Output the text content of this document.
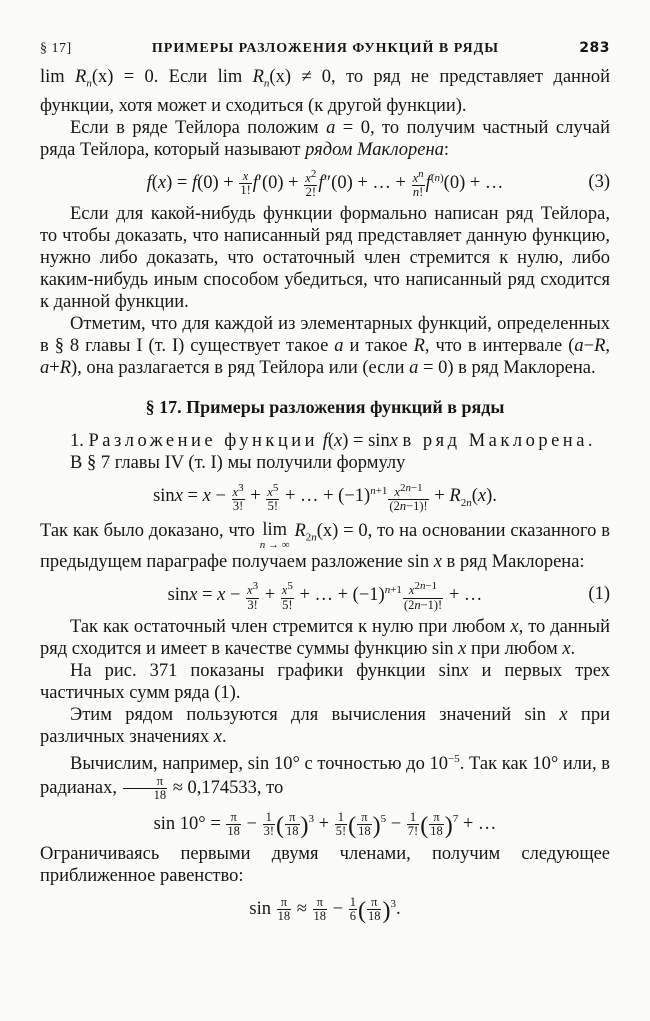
§ 17]	ПРИМЕРЫ РАЗЛОЖЕНИЯ ФУНКЦИЙ В РЯДЫ	283

$\lim R_n(x) = 0$. Если $\lim R_n(x) \ne 0$, то ряд не представляет данной функции, хотя может и сходиться (к другой функции).

Если в ряде Тейлора положим a = 0, то получим частный случай ряда Тейлора, который называют рядом Маклорена:

$f(x) = f(0) + \frac{x}{1!} f'(0) + \frac{x^2}{2!} f''(0)$ + … + $\frac{x^n}{n!} f^{(n)}(0)$ + …	(3)

Если для какой-нибудь функции формально написан ряд Тейлора, то чтобы доказать, что написанный ряд представляет данную функцию, нужно либо доказать, что остаточный член стремится к нулю, либо каким-нибудь иным способом убедиться, что написанный ряд сходится к данной функции.

Отметим, что для каждой из элементарных функций, определенных в § 8 главы I (т. I) существует такое a и такое R, что в интервале (a−R, a+R), она разлагается в ряд Тейлора или (если a = 0) в ряд Маклорена.

§ 17. Примеры разложения функций в ряды

1. Разложение функции f(x) = sinx в ряд Маклорена.

В § 7 главы IV (т. I) мы получили формулу

$\sin x = x - \frac{x^3}{3!} + \frac{x^5}{5!}$ + … + $(-1)^{n+1} \frac{x^{2n-1}}{(2n-1)!} + R_{2n}(x)$.

Так как было доказано, что lim
n → ∞
$R_{2n}(x) = 0$, то на основании сказанного в предыдущем параграфе получаем разложение sin x в ряд Маклорена:

$\sin x = x - \frac{x^3}{3!} + \frac{x^5}{5!}$ + … + $(-1)^{n+1} \frac{x^{2n-1}}{(2n-1)!}$ + …	(1)

Так как остаточный член стремится к нулю при любом x, то данный ряд сходится и имеет в качестве суммы функцию sin x при любом x.

На рис. 371 показаны графики функции sinx и первых трех частичных сумм ряда (1).

Этим рядом пользуются для вычисления значений sin x при различных значениях x.

Вычислим, например, sin 10° с точностью до $10^{-5}$. Так как 10° или, в радианах, $\frac{\pi}{18} \approx 0,174533$, то

$\sin 10^\circ = \frac{\pi}{18} - \frac{1}{3!}$ ( $\frac{\pi}{18} )^3 + \frac{1}{5!}$ ( $\frac{\pi}{18} )^5 - \frac{1}{7!}$ ( $\frac{\pi}{18} )^7$ + …

Ограничиваясь первыми двумя членами, получим следующее приближенное равенство:

$\sin \frac{\pi}{18} \approx \frac{\pi}{18} - \frac{1}{6}$ ( $\frac{\pi}{18} )^3$.
